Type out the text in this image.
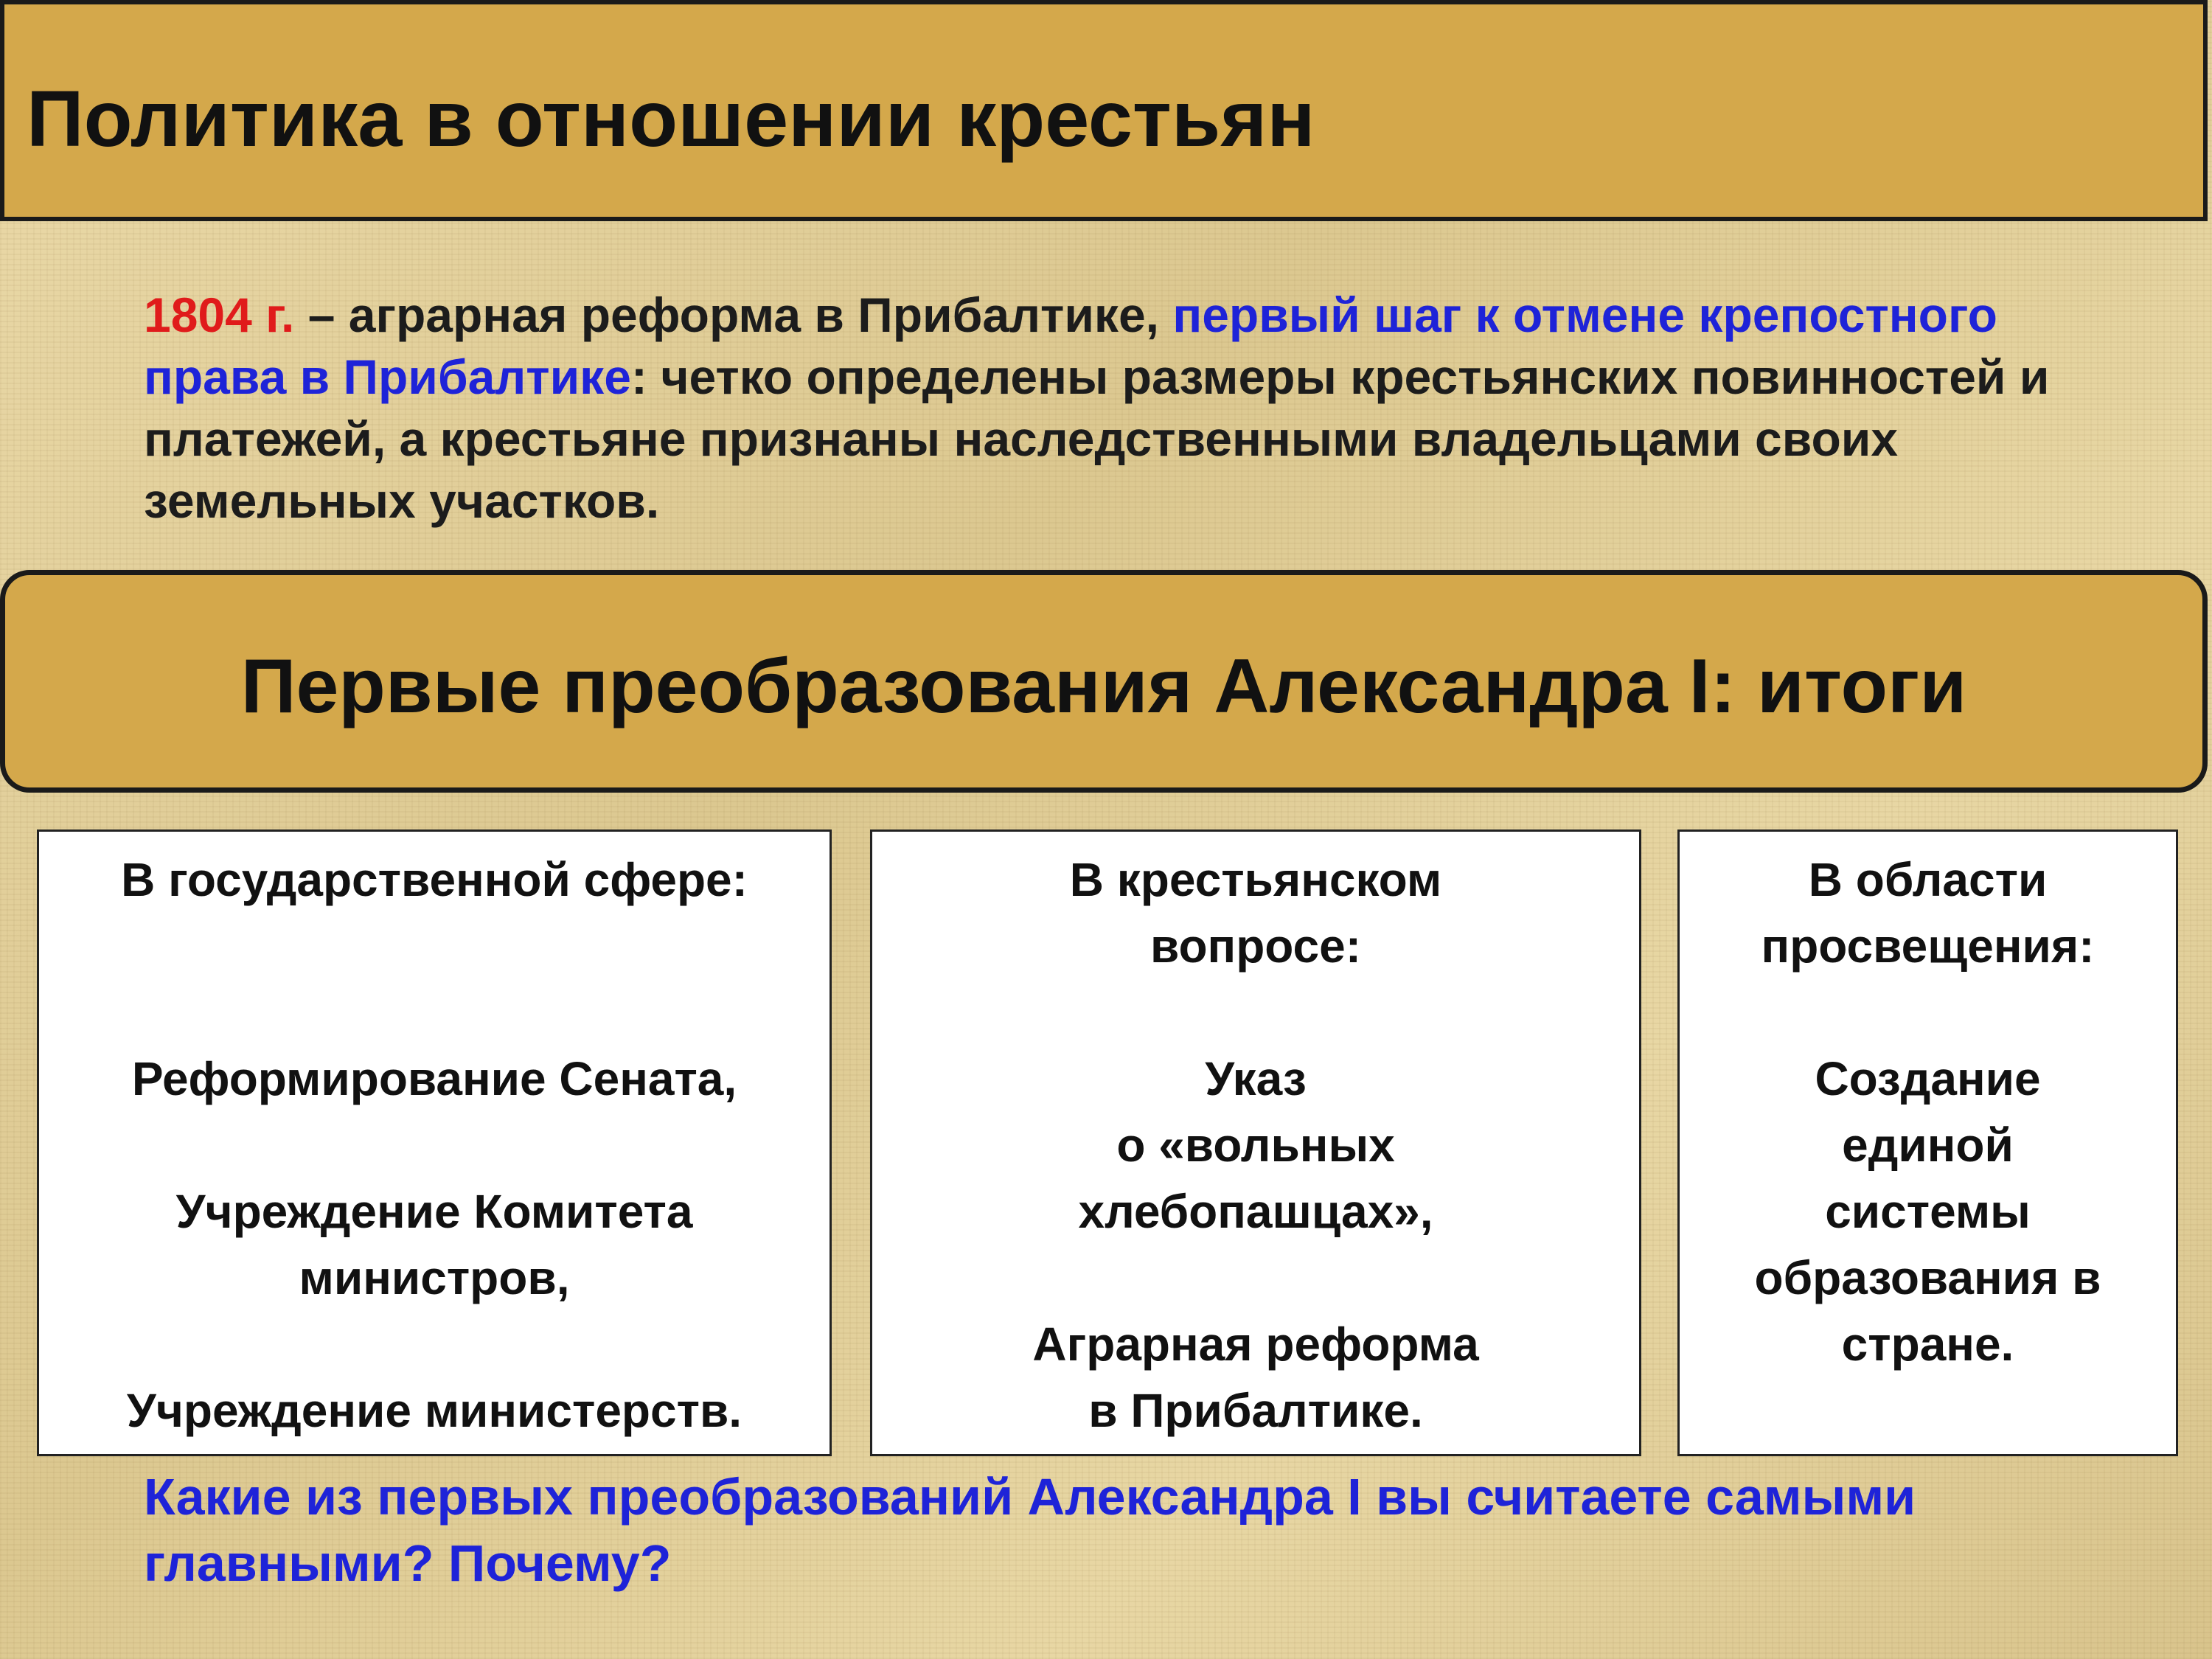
Политика в отношении крестьян
1804 г. – аграрная реформа в Прибалтике, первый шаг к отмене крепостного права в Прибалтике: четко определены размеры крестьянских повинностей и платежей, а крестьяне признаны наследственными владельцами своих земельных участков.
Первые преобразования Александра I: итоги
В государственной сфере:
Реформирование Сената,
Учреждение Комитета
министров,
Учреждение министерств.
В крестьянском
вопросе:
Указ
о «вольных
хлебопашцах»,
Аграрная реформа
в Прибалтике.
В области
просвещения:
Создание
единой
системы
образования в
стране.
Какие из первых преобразований Александра I вы считаете самыми главными? Почему?
